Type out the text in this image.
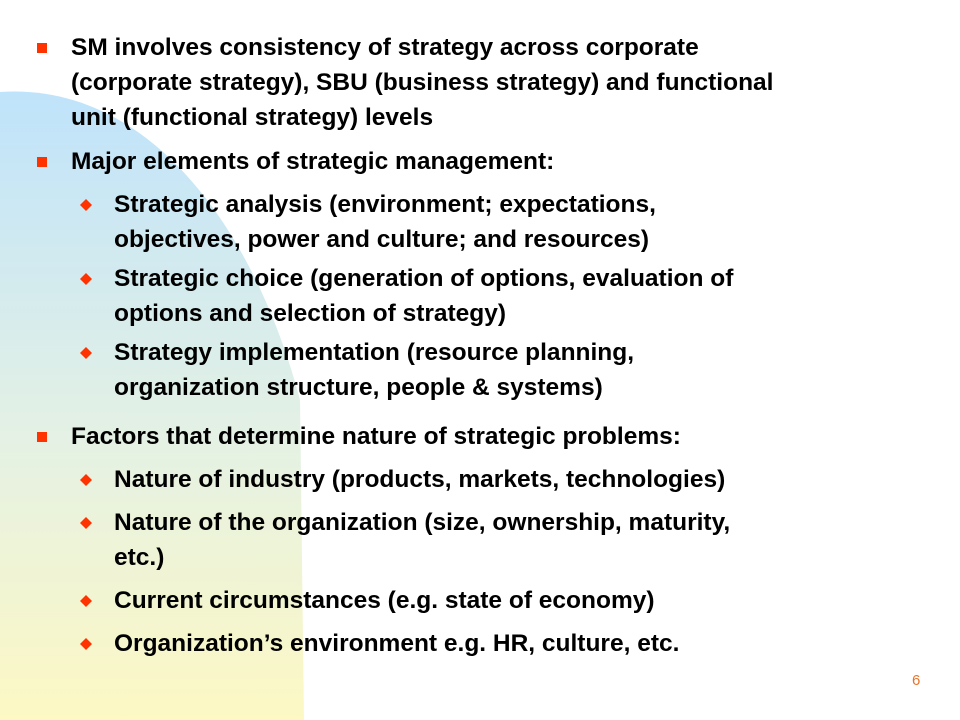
SM involves consistency of strategy across corporate
(corporate strategy), SBU (business strategy) and functional
unit (functional strategy) levels
Major elements of strategic management:
Strategic analysis (environment; expectations,
objectives, power and culture; and resources)
Strategic choice (generation of options, evaluation of
options and selection of strategy)
Strategy implementation (resource planning,
organization structure, people & systems)
Factors that determine nature of strategic problems:
Nature of industry (products, markets, technologies)
Nature of the organization (size, ownership, maturity,
etc.)
Current circumstances (e.g. state of economy)
Organization’s environment e.g. HR, culture, etc.
6
